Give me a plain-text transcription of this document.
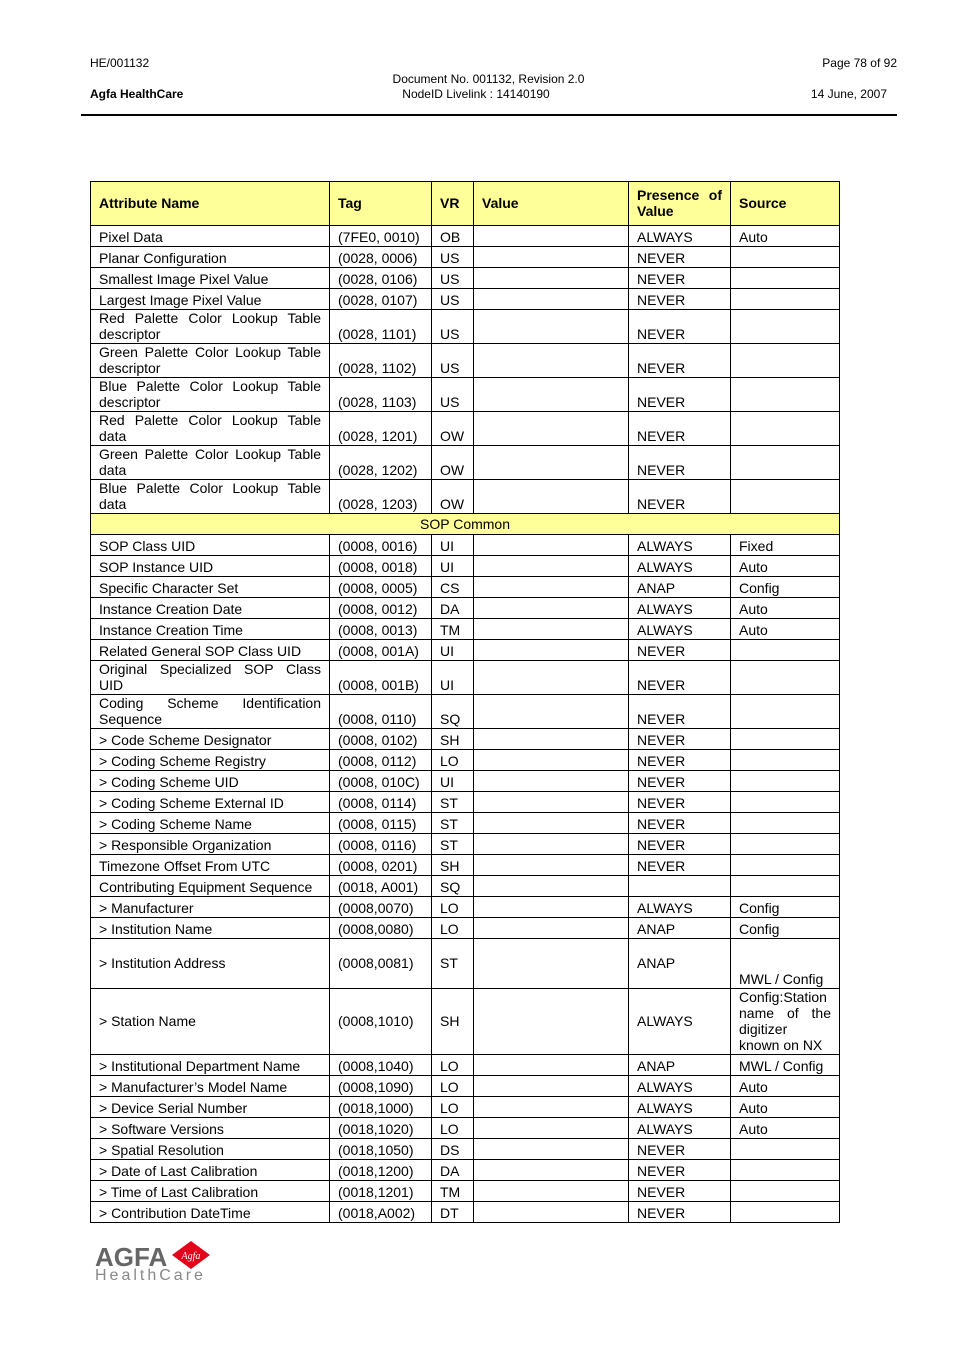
HE/001132
Agfa HealthCare
Document No. 001132, Revision 2.0
NodeID Livelink : 14140190
Page 78 of 92
14 June, 2007
Attribute Name	Tag	VR	Value	Presence of Value	Source
Pixel Data	(7FE0, 0010)	OB		ALWAYS	Auto
Planar Configuration	(0028, 0006)	US		NEVER	
Smallest Image Pixel Value	(0028, 0106)	US		NEVER	
Largest Image Pixel Value	(0028, 0107)	US		NEVER	
Red Palette Color Lookup Table descriptor	(0028, 1101)	US		NEVER	
Green Palette Color Lookup Table descriptor	(0028, 1102)	US		NEVER	
Blue Palette Color Lookup Table descriptor	(0028, 1103)	US		NEVER	
Red Palette Color Lookup Table data	(0028, 1201)	OW		NEVER	
Green Palette Color Lookup Table data	(0028, 1202)	OW		NEVER	
Blue Palette Color Lookup Table data	(0028, 1203)	OW		NEVER	
SOP Common					
SOP Class UID	(0008, 0016)	UI		ALWAYS	Fixed
SOP Instance UID	(0008, 0018)	UI		ALWAYS	Auto
Specific Character Set	(0008, 0005)	CS		ANAP	Config
Instance Creation Date	(0008, 0012)	DA		ALWAYS	Auto
Instance Creation Time	(0008, 0013)	TM		ALWAYS	Auto
Related General SOP Class UID	(0008, 001A)	UI		NEVER	
Original Specialized SOP Class UID	(0008, 001B)	UI		NEVER	
Coding Scheme Identification Sequence	(0008, 0110)	SQ		NEVER	
> Code Scheme Designator	(0008, 0102)	SH		NEVER	
> Coding Scheme Registry	(0008, 0112)	LO		NEVER	
> Coding Scheme UID	(0008, 010C)	UI		NEVER	
> Coding Scheme External ID	(0008, 0114)	ST		NEVER	
> Coding Scheme Name	(0008, 0115)	ST		NEVER	
> Responsible Organization	(0008, 0116)	ST		NEVER	
Timezone Offset From UTC	(0008, 0201)	SH		NEVER	
Contributing Equipment Sequence	(0018, A001)	SQ			
> Manufacturer	(0008,0070)	LO		ALWAYS	Config
> Institution Name	(0008,0080)	LO		ANAP	Config
> Institution Address	(0008,0081)	ST		ANAP	MWL / Config
> Station Name	(0008,1010)	SH		ALWAYS	Config:Station name of the digitizer known on NX
> Institutional Department Name	(0008,1040)	LO		ANAP	MWL / Config
> Manufacturer’s Model Name	(0008,1090)	LO		ALWAYS	Auto
> Device Serial Number	(0018,1000)	LO		ALWAYS	Auto
> Software Versions	(0018,1020)	LO		ALWAYS	Auto
> Spatial Resolution	(0018,1050)	DS		NEVER	
> Date of Last Calibration	(0018,1200)	DA		NEVER	
> Time of Last Calibration	(0018,1201)	TM		NEVER	
> Contribution DateTime	(0018,A002)	DT		NEVER	
AGFA Agfa
HealthCare
